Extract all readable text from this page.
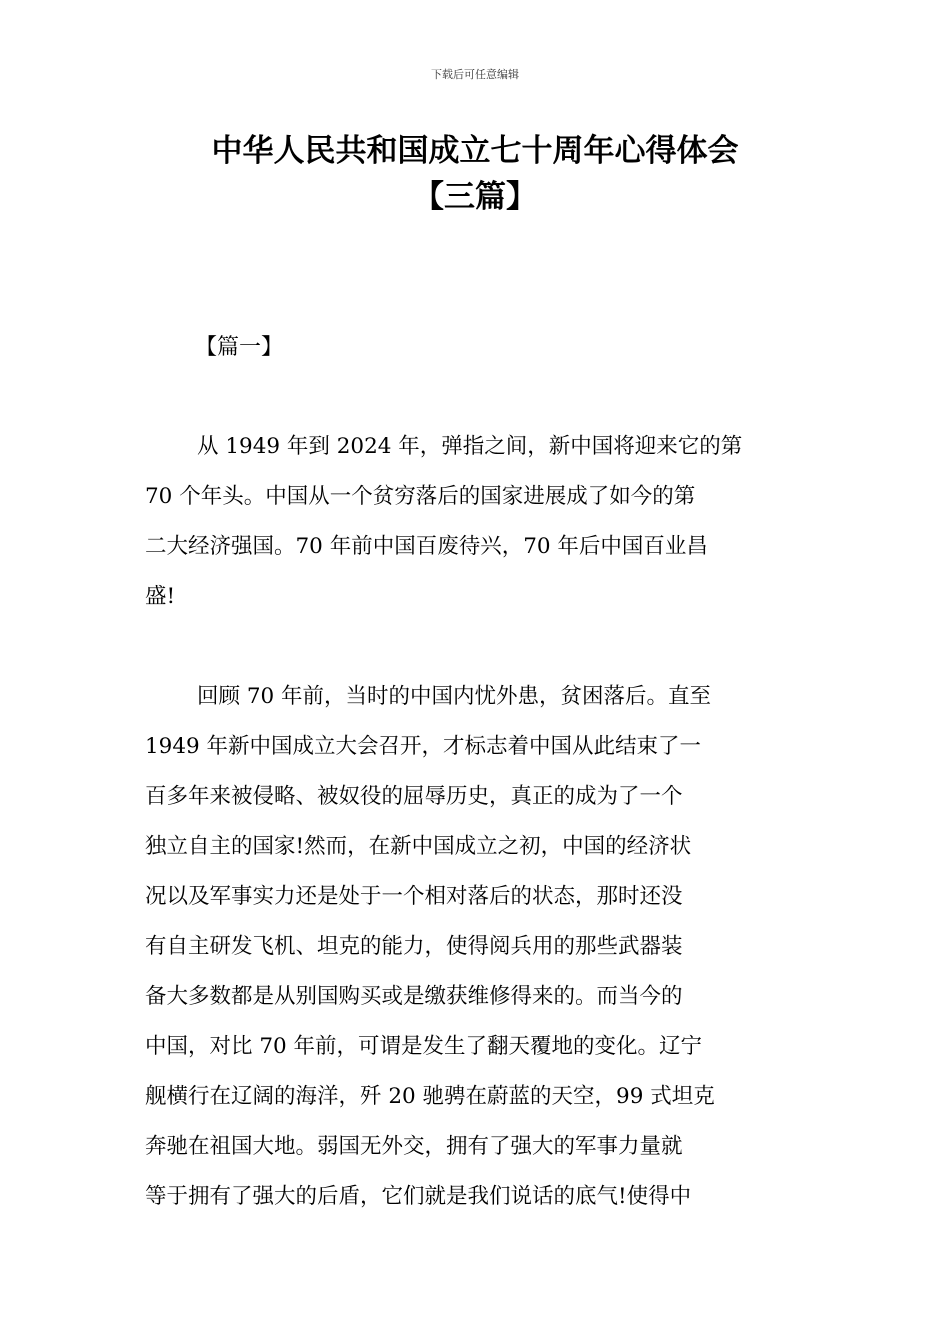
下载后可任意编辑
中华人民共和国成立七十周年心得体会
【三篇】
【篇一】
从 1949 年到 2024 年，弹指之间，新中国将迎来它的第
70 个年头。中国从一个贫穷落后的国家进展成了如今的第
二大经济强国。70 年前中国百废待兴，70 年后中国百业昌
盛!
回顾 70 年前，当时的中国内忧外患，贫困落后。直至
1949 年新中国成立大会召开，才标志着中国从此结束了一
百多年来被侵略、被奴役的屈辱历史，真正的成为了一个
独立自主的国家!然而，在新中国成立之初，中国的经济状
况以及军事实力还是处于一个相对落后的状态，那时还没
有自主研发飞机、坦克的能力，使得阅兵用的那些武器装
备大多数都是从别国购买或是缴获维修得来的。而当今的
中国，对比 70 年前，可谓是发生了翻天覆地的变化。辽宁
舰横行在辽阔的海洋，歼 20 驰骋在蔚蓝的天空，99 式坦克
奔驰在祖国大地。弱国无外交，拥有了强大的军事力量就
等于拥有了强大的后盾，它们就是我们说话的底气!使得中
